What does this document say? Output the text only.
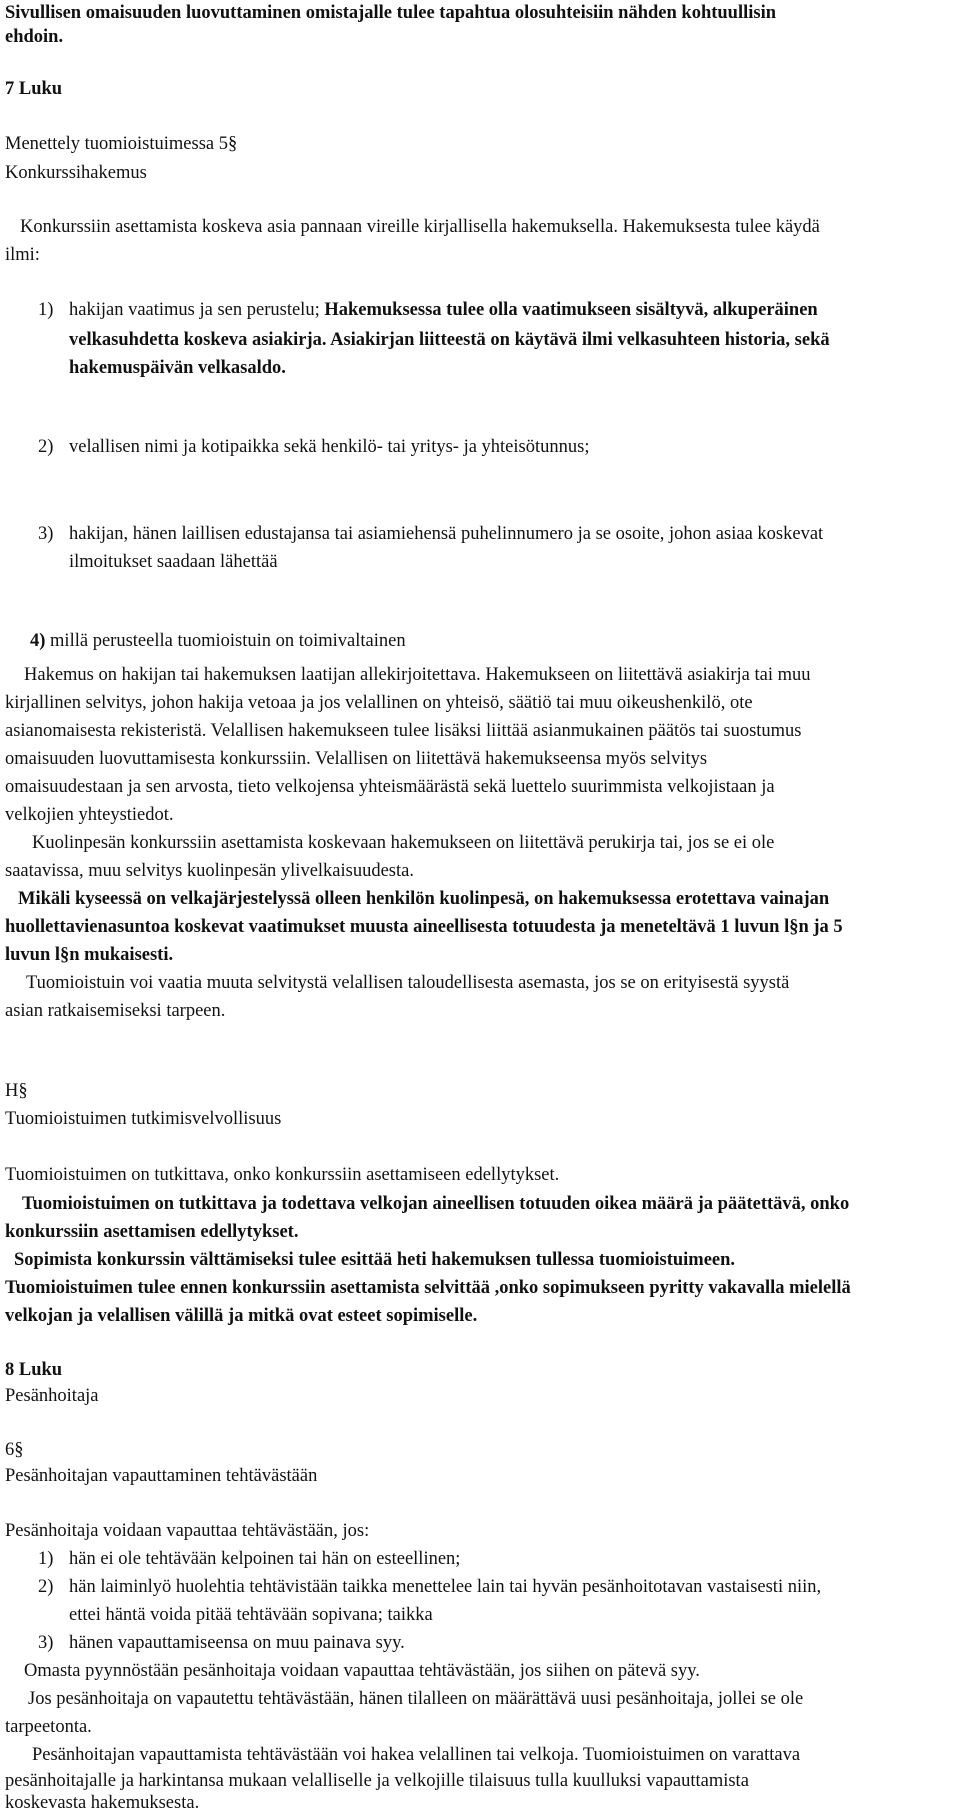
Sivullisen omaisuuden luovuttaminen omistajalle tulee tapahtua olosuhteisiin nähden kohtuullisin
ehdoin.
7 Luku
Menettely tuomioistuimessa 5§
Konkurssihakemus
Konkurssiin asettamista koskeva asia pannaan vireille kirjallisella hakemuksella. Hakemuksesta tulee käydä
ilmi:
1) hakijan vaatimus ja sen perustelu; Hakemuksessa tulee olla vaatimukseen sisältyvä, alkuperäinen
velkasuhdetta koskeva asiakirja. Asiakirjan liitteestä on käytävä ilmi velkasuhteen historia, sekä
hakemuspäivän velkasaldo.
2) velallisen nimi ja kotipaikka sekä henkilö- tai yritys- ja yhteisötunnus;
3) hakijan, hänen laillisen edustajansa tai asiamiehensä puhelinnumero ja se osoite, johon asiaa koskevat
ilmoitukset saadaan lähettää
4) millä perusteella tuomioistuin on toimivaltainen
Hakemus on hakijan tai hakemuksen laatijan allekirjoitettava. Hakemukseen on liitettävä asiakirja tai muu
kirjallinen selvitys, johon hakija vetoaa ja jos velallinen on yhteisö, säätiö tai muu oikeushenkilö, ote
asianomaisesta rekisteristä. Velallisen hakemukseen tulee lisäksi liittää asianmukainen päätös tai suostumus
omaisuuden luovuttamisesta konkurssiin. Velallisen on liitettävä hakemukseensa myös selvitys
omaisuudestaan ja sen arvosta, tieto velkojensa yhteismäärästä sekä luettelo suurimmista velkojistaan ja
velkojien yhteystiedot.
Kuolinpesän konkurssiin asettamista koskevaan hakemukseen on liitettävä perukirja tai, jos se ei ole
saatavissa, muu selvitys kuolinpesän ylivelkaisuudesta.
Mikäli kyseessä on velkajärjestelyssä olleen henkilön kuolinpesä, on hakemuksessa erotettava vainajan
huollettavienasuntoa koskevat vaatimukset muusta aineellisesta totuudesta ja meneteltävä 1 luvun l§n ja 5
luvun l§n mukaisesti.
Tuomioistuin voi vaatia muuta selvitystä velallisen taloudellisesta asemasta, jos se on erityisestä syystä
asian ratkaisemiseksi tarpeen.
H§
Tuomioistuimen tutkimisvelvollisuus
Tuomioistuimen on tutkittava, onko konkurssiin asettamiseen edellytykset.
Tuomioistuimen on tutkittava ja todettava velkojan aineellisen totuuden oikea määrä ja päätettävä, onko
konkurssiin asettamisen edellytykset.
Sopimista konkurssin välttämiseksi tulee esittää heti hakemuksen tullessa tuomioistuimeen.
Tuomioistuimen tulee ennen konkurssiin asettamista selvittää ,onko sopimukseen pyritty vakavalla mielellä
velkojan ja velallisen välillä ja mitkä ovat esteet sopimiselle.
8 Luku
Pesänhoitaja
6§
Pesänhoitajan vapauttaminen tehtävästään
Pesänhoitaja voidaan vapauttaa tehtävästään, jos:
1) hän ei ole tehtävään kelpoinen tai hän on esteellinen;
2) hän laiminlyö huolehtia tehtävistään taikka menettelee lain tai hyvän pesänhoitotavan vastaisesti niin,
ettei häntä voida pitää tehtävään sopivana; taikka
3) hänen vapauttamiseensa on muu painava syy.
Omasta pyynnöstään pesänhoitaja voidaan vapauttaa tehtävästään, jos siihen on pätevä syy.
Jos pesänhoitaja on vapautettu tehtävästään, hänen tilalleen on määrättävä uusi pesänhoitaja, jollei se ole
tarpeetonta.
Pesänhoitajan vapauttamista tehtävästään voi hakea velallinen tai velkoja. Tuomioistuimen on varattava
pesänhoitajalle ja harkintansa mukaan velalliselle ja velkojille tilaisuus tulla kuulluksi vapauttamista
koskevasta hakemuksesta.
